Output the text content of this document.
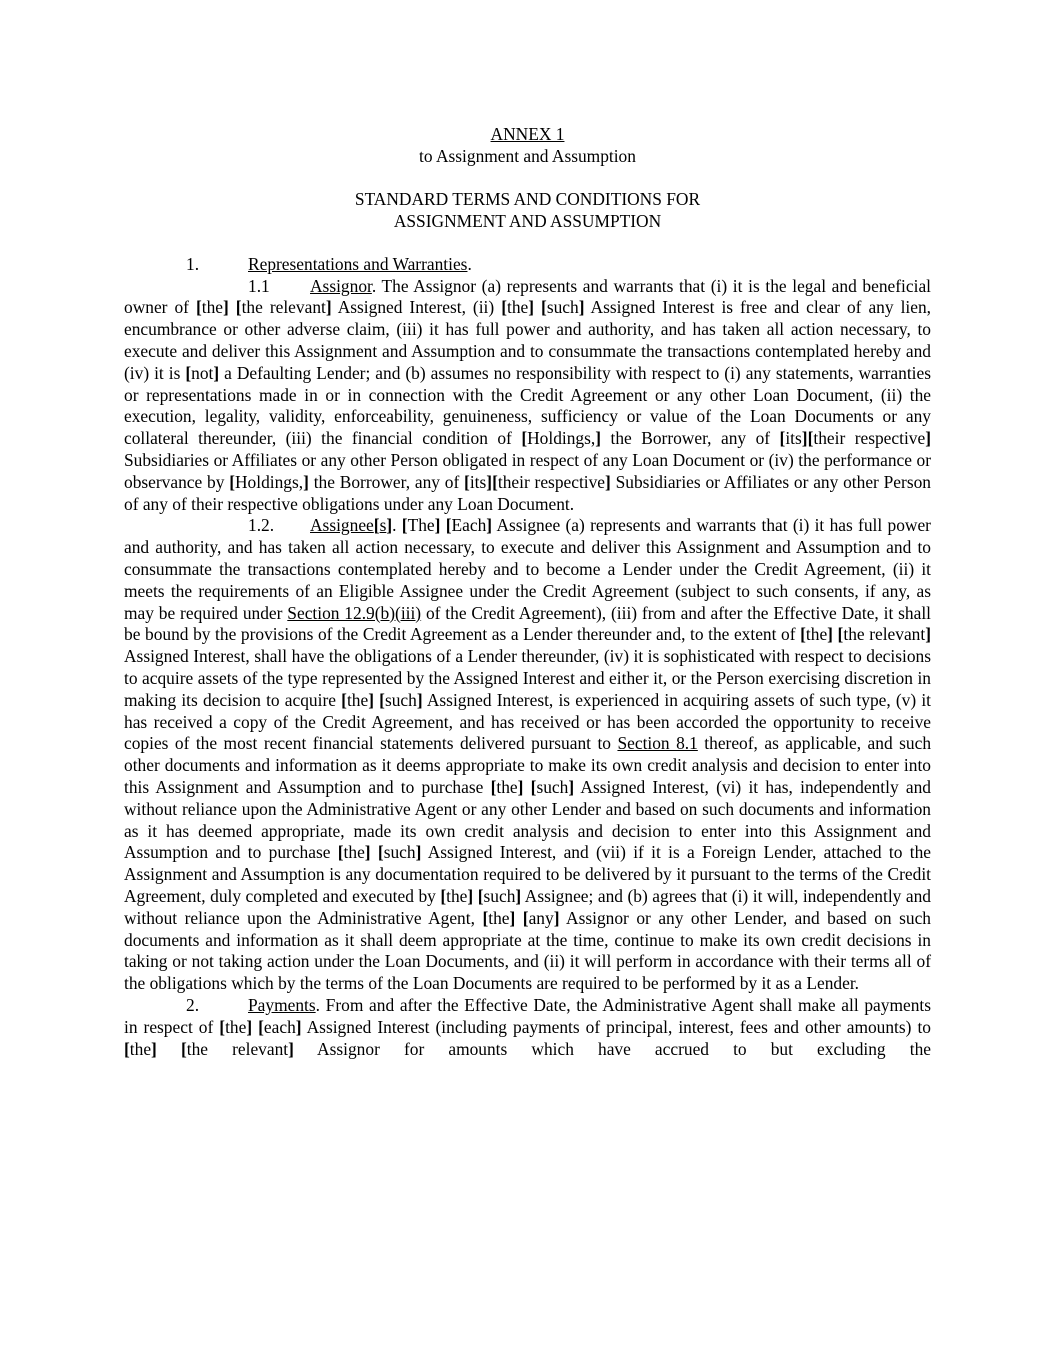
ANNEX 1

to Assignment and Assumption

STANDARD TERMS AND CONDITIONS FOR

ASSIGNMENT AND ASSUMPTION

1.	Representations and Warranties.

1.1 Assignor. The Assignor (a) represents and warrants that (i) it is the legal and beneficial owner of [the] [the relevant] Assigned Interest, (ii) [the] [such] Assigned Interest is free and clear of any lien, encumbrance or other adverse claim, (iii) it has full power and authority, and has taken all action necessary, to execute and deliver this Assignment and Assumption and to consummate the transactions contemplated hereby and (iv) it is [not] a Defaulting Lender; and (b) assumes no responsibility with respect to (i) any statements, warranties or representations made in or in connection with the Credit Agreement or any other Loan Document, (ii) the execution, legality, validity, enforceability, genuineness, sufficiency or value of the Loan Documents or any collateral thereunder, (iii) the financial condition of [Holdings,] the Borrower, any of [its][their respective] Subsidiaries or Affiliates or any other Person obligated in respect of any Loan Document or (iv) the performance or observance by [Holdings,] the Borrower, any of [its][their respective] Subsidiaries or Affiliates or any other Person of any of their respective obligations under any Loan Document.

1.2. Assignee[s]. [The] [Each] Assignee (a) represents and warrants that (i) it has full power and authority, and has taken all action necessary, to execute and deliver this Assignment and Assumption and to consummate the transactions contemplated hereby and to become a Lender under the Credit Agreement, (ii) it meets the requirements of an Eligible Assignee under the Credit Agreement (subject to such consents, if any, as may be required under Section 12.9(b)(iii) of the Credit Agreement), (iii) from and after the Effective Date, it shall be bound by the provisions of the Credit Agreement as a Lender thereunder and, to the extent of [the] [the relevant] Assigned Interest, shall have the obligations of a Lender thereunder, (iv) it is sophisticated with respect to decisions to acquire assets of the type represented by the Assigned Interest and either it, or the Person exercising discretion in making its decision to acquire [the] [such] Assigned Interest, is experienced in acquiring assets of such type, (v) it has received a copy of the Credit Agreement, and has received or has been accorded the opportunity to receive copies of the most recent financial statements delivered pursuant to Section 8.1 thereof, as applicable, and such other documents and information as it deems appropriate to make its own credit analysis and decision to enter into this Assignment and Assumption and to purchase [the] [such] Assigned Interest, (vi) it has, independently and without reliance upon the Administrative Agent or any other Lender and based on such documents and information as it has deemed appropriate, made its own credit analysis and decision to enter into this Assignment and Assumption and to purchase [the] [such] Assigned Interest, and (vii) if it is a Foreign Lender, attached to the Assignment and Assumption is any documentation required to be delivered by it pursuant to the terms of the Credit Agreement, duly completed and executed by [the] [such] Assignee; and (b) agrees that (i) it will, independently and without reliance upon the Administrative Agent, [the] [any] Assignor or any other Lender, and based on such documents and information as it shall deem appropriate at the time, continue to make its own credit decisions in taking or not taking action under the Loan Documents, and (ii) it will perform in accordance with their terms all of the obligations which by the terms of the Loan Documents are required to be performed by it as a Lender.

2.	Payments. From and after the Effective Date, the Administrative Agent shall make all payments in respect of [the] [each] Assigned Interest (including payments of principal, interest, fees and other amounts) to [the] [the relevant] Assignor for amounts which have accrued to but excluding the
